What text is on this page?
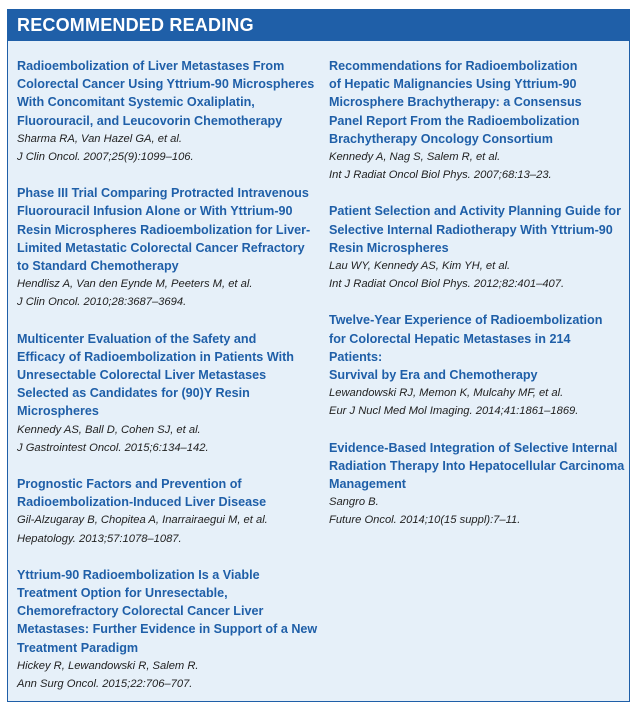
RECOMMENDED READING
Radioembolization of Liver Metastases From
Colorectal Cancer Using Yttrium-90 Microspheres
With Concomitant Systemic Oxaliplatin,
Fluorouracil, and Leucovorin Chemotherapy
Sharma RA, Van Hazel GA, et al.
J Clin Oncol. 2007;25(9):1099–106.
Phase III Trial Comparing Protracted Intravenous
Fluorouracil Infusion Alone or With Yttrium-90
Resin Microspheres Radioembolization for Liver-
Limited Metastatic Colorectal Cancer Refractory
to Standard Chemotherapy
Hendlisz A, Van den Eynde M, Peeters M, et al.
J Clin Oncol. 2010;28:3687–3694.
Multicenter Evaluation of the Safety and
Efficacy of Radioembolization in Patients With
Unresectable Colorectal Liver Metastases
Selected as Candidates for (90)Y Resin
Microspheres
Kennedy AS, Ball D, Cohen SJ, et al.
J Gastrointest Oncol. 2015;6:134–142.
Prognostic Factors and Prevention of
Radioembolization-Induced Liver Disease
Gil-Alzugaray B, Chopitea A, Inarrairaegui M, et al.
Hepatology. 2013;57:1078–1087.
Yttrium-90 Radioembolization Is a Viable
Treatment Option for Unresectable,
Chemorefractory Colorectal Cancer Liver
Metastases: Further Evidence in Support of a New
Treatment Paradigm
Hickey R, Lewandowski R, Salem R.
Ann Surg Oncol. 2015;22:706–707.
Recommendations for Radioembolization
of Hepatic Malignancies Using Yttrium-90
Microsphere Brachytherapy: a Consensus
Panel Report From the Radioembolization
Brachytherapy Oncology Consortium
Kennedy A, Nag S, Salem R, et al.
Int J Radiat Oncol Biol Phys. 2007;68:13–23.
Patient Selection and Activity Planning Guide for
Selective Internal Radiotherapy With Yttrium-90
Resin Microspheres
Lau WY, Kennedy AS, Kim YH, et al.
Int J Radiat Oncol Biol Phys. 2012;82:401–407.
Twelve-Year Experience of Radioembolization
for Colorectal Hepatic Metastases in 214 Patients:
Survival by Era and Chemotherapy
Lewandowski RJ, Memon K, Mulcahy MF, et al.
Eur J Nucl Med Mol Imaging. 2014;41:1861–1869.
Evidence-Based Integration of Selective Internal
Radiation Therapy Into Hepatocellular Carcinoma
Management
Sangro B.
Future Oncol. 2014;10(15 suppl):7–11.
